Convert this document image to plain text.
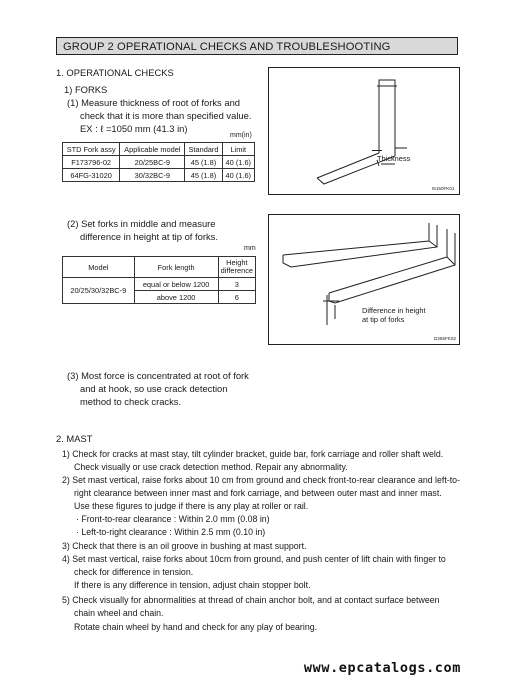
GROUP 2 OPERATIONAL CHECKS AND TROUBLESHOOTING
1. OPERATIONAL CHECKS
1) FORKS
(1) Measure thickness of root of forks and
check that it is more than specified value.
EX : ℓ =1050 mm (41.3 in)
mm(in)
STD Fork assy	Applicable model	Standard	Limit
F173796-02	20/25BC-9	45 (1.8)	40 (1.6)
64FG-31020	30/32BC-9	45 (1.8)	40 (1.6)
Thickness
I5150FK01
(2) Set forks in middle and measure
difference in height at tip of forks.
mm
Model	Fork length	Height difference
20/25/30/32BC-9	equal or below 1200	3
	above 1200	6
Difference in height
at tip of forks
D255FK02
(3) Most force is concentrated at root of fork
and at hook, so use crack detection
method to check cracks.
2. MAST
1) Check for cracks at mast stay, tilt cylinder bracket, guide bar, fork carriage and roller shaft weld.
Check visually or use crack detection method. Repair any abnormality.
2) Set mast vertical, raise forks about 10 cm from ground and check front-to-rear clearance and left-to-
right clearance between inner mast and fork carriage, and between outer mast and inner mast.
Use these figures to judge if there is any play at roller or rail.
· Front-to-rear clearance : Within 2.0 mm (0.08 in)
· Left-to-right clearance : Within 2.5 mm (0.10 in)
3) Check that there is an oil groove in bushing at mast support.
4) Set mast vertical, raise forks about 10cm from ground, and push center of lift chain with finger to
check for difference in tension.
If there is any difference in tension, adjust chain stopper bolt.
5) Check visually for abnormalities at thread of chain anchor bolt, and at contact surface between
chain wheel and chain.
Rotate chain wheel by hand and check for any play of bearing.
www.epcatalogs.com
